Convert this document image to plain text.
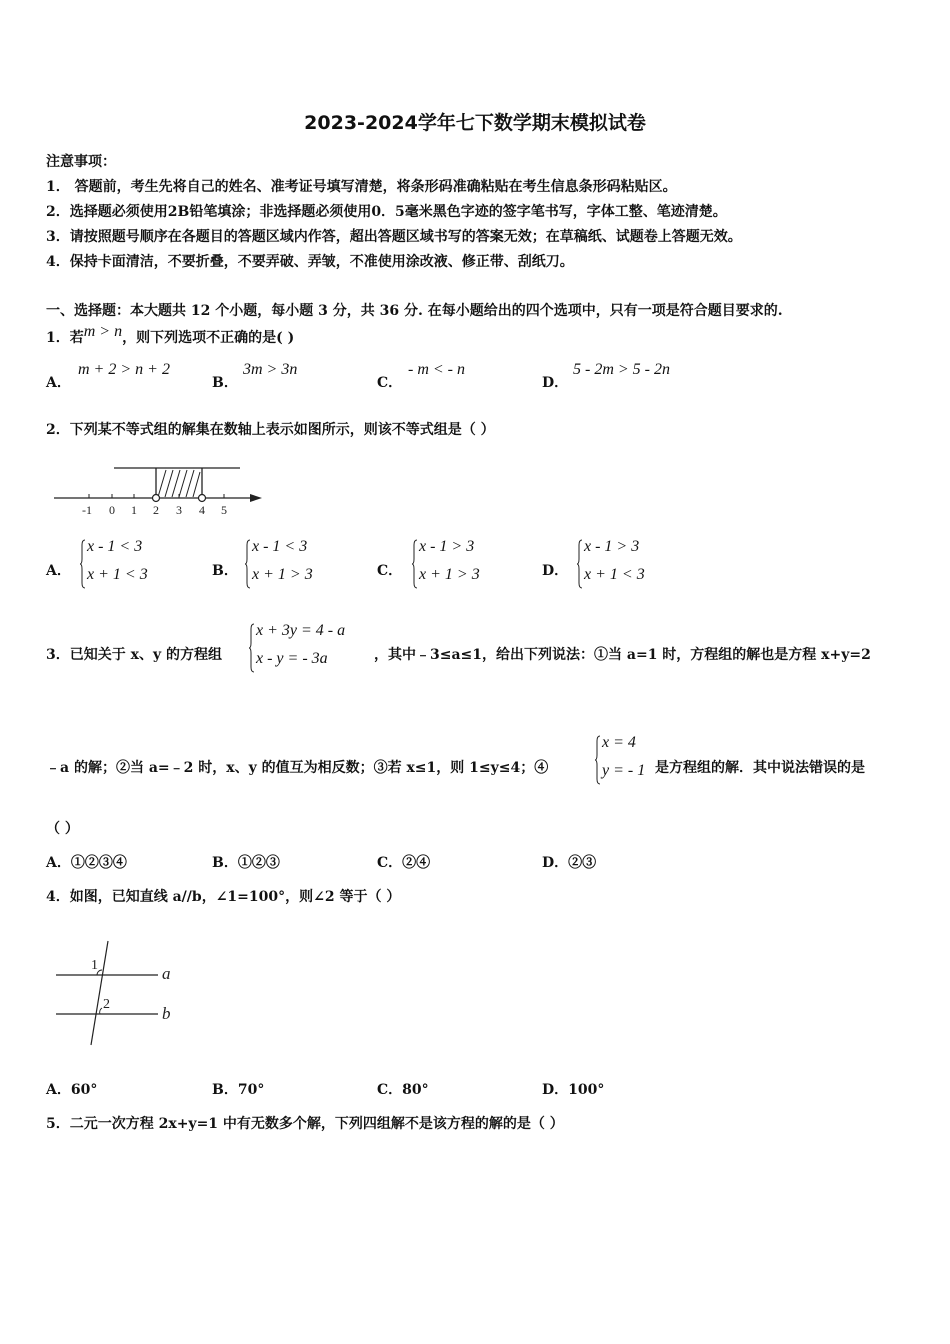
2023-2024学年七下数学期末模拟试卷
注意事项：
1． 答题前，考生先将自己的姓名、准考证号填写清楚，将条形码准确粘贴在考生信息条形码粘贴区。
2．选择题必须使用2B铅笔填涂；非选择题必须使用0．5毫米黑色字迹的签字笔书写，字体工整、笔迹清楚。
3．请按照题号顺序在各题目的答题区域内作答，超出答题区域书写的答案无效；在草稿纸、试题卷上答题无效。
4．保持卡面清洁，不要折叠，不要弄破、弄皱，不准使用涂改液、修正带、刮纸刀。
一、选择题：本大题共 12 个小题，每小题 3 分，共 36 分. 在每小题给出的四个选项中，只有一项是符合题目要求的.
1．若m > n，则下列选项不正确的是( )
A．
m + 2 > n + 2
B．
3m > 3n
C．
- m < - n
D．
5 - 2m > 5 - 2n
2．下列某不等式组的解集在数轴上表示如图所示，则该不等式组是（ ）
-1 0 1 2 3 4 5
A．
x - 1 < 3
x + 1 < 3	B．
x - 1 < 3
x + 1 > 3	C．
x - 1 > 3
x + 1 > 3	D．
x - 1 > 3
x + 1 < 3
3．已知关于 x、y 的方程组
x + 3y = 4 - a
x - y = - 3a	，其中﹣3≤a≤1，给出下列说法：①当 a=1 时，方程组的解也是方程 x+y=2
﹣a 的解；②当 a=﹣2 时，x、y 的值互为相反数；③若 x≤1，则 1≤y≤4；④
x = 4
y = - 1 是方程组的解．其中说法错误的是
（ ）
A．①②③④	B．①②③	C．②④	D．②③
4．如图，已知直线 a//b，∠1=100°，则∠2 等于（ ）
1
2
a
b
A．60°	B．70°	C．80°	D．100°
5．二元一次方程 2x+y=1 中有无数多个解，下列四组解不是该方程的解的是（ ）
